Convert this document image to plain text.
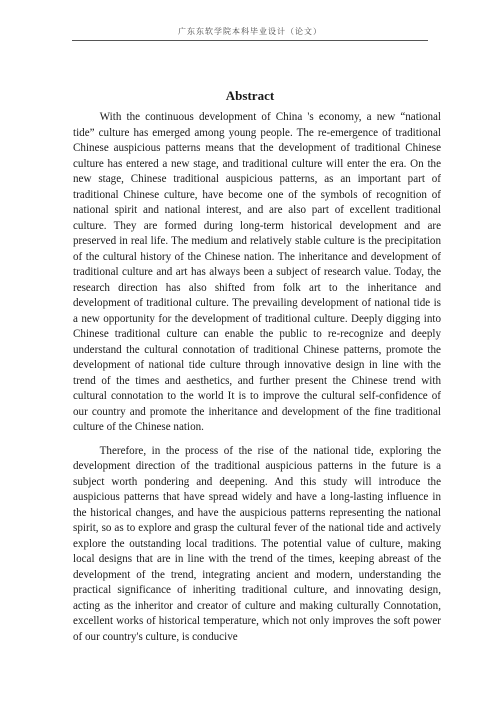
广东东软学院本科毕业设计（论文）
Abstract

With the continuous development of China 's economy, a new “national tide” culture has emerged among young people. The re-emergence of traditional Chinese auspicious patterns means that the development of traditional Chinese culture has entered a new stage, and traditional culture will enter the era. On the new stage, Chinese traditional auspicious patterns, as an important part of traditional Chinese culture, have become one of the symbols of recognition of national spirit and national interest, and are also part of excellent traditional culture. They are formed during long-term historical development and are preserved in real life. The medium and relatively stable culture is the precipitation of the cultural history of the Chinese nation. The inheritance and development of traditional culture and art has always been a subject of research value. Today, the research direction has also shifted from folk art to the inheritance and development of traditional culture. The prevailing development of national tide is a new opportunity for the development of traditional culture. Deeply digging into Chinese traditional culture can enable the public to re-recognize and deeply understand the cultural connotation of traditional Chinese patterns, promote the development of national tide culture through innovative design in line with the trend of the times and aesthetics, and further present the Chinese trend with cultural connotation to the world It is to improve the cultural self-confidence of our country and promote the inheritance and development of the fine traditional culture of the Chinese nation.

Therefore, in the process of the rise of the national tide, exploring the development direction of the traditional auspicious patterns in the future is a subject worth pondering and deepening. And this study will introduce the auspicious patterns that have spread widely and have a long-lasting influence in the historical changes, and have the auspicious patterns representing the national spirit, so as to explore and grasp the cultural fever of the national tide and actively explore the outstanding local traditions. The potential value of culture, making local designs that are in line with the trend of the times, keeping abreast of the development of the trend, integrating ancient and modern, understanding the practical significance of inheriting traditional culture, and innovating design, acting as the inheritor and creator of culture and making culturally Connotation, excellent works of historical temperature, which not only improves the soft power of our country's culture, is conducive
